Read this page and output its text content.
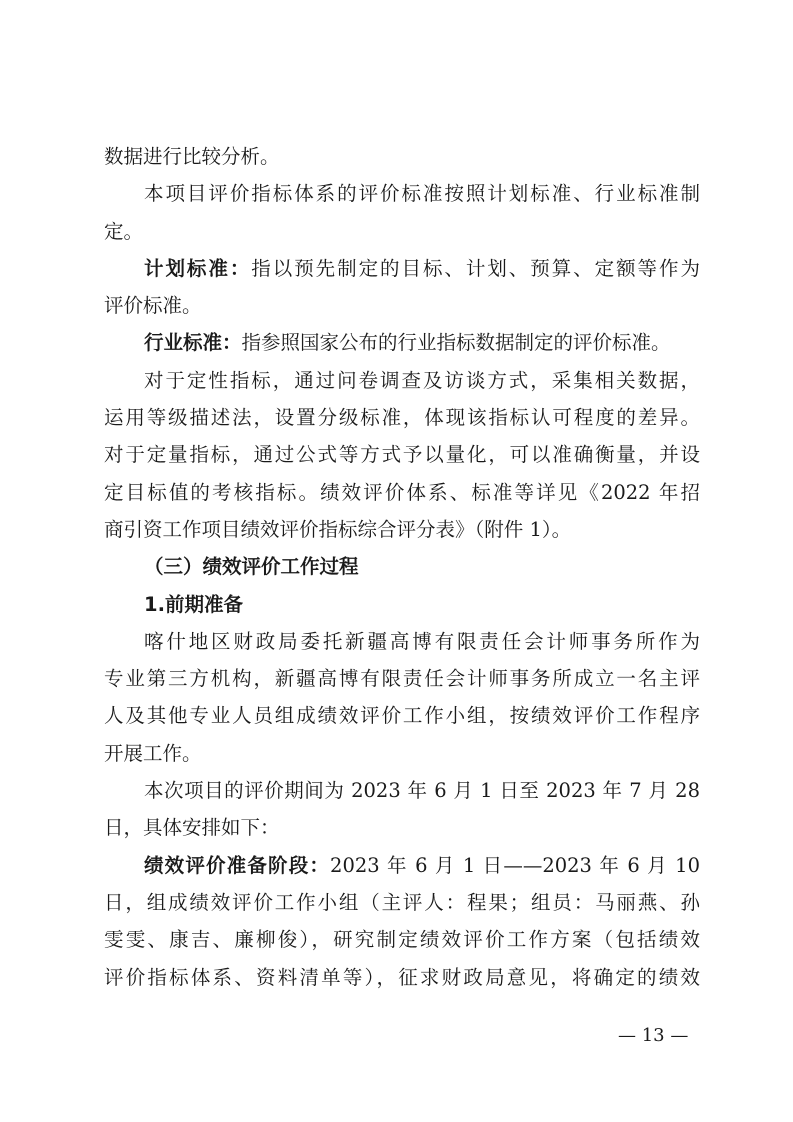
数据进行比较分析。
本项目评价指标体系的评价标准按照计划标准、行业标准制
定。
计划标准：指以预先制定的目标、计划、预算、定额等作为
评价标准。
行业标准：指参照国家公布的行业指标数据制定的评价标准。
对于定性指标，通过问卷调查及访谈方式，采集相关数据，
运用等级描述法，设置分级标准，体现该指标认可程度的差异。
对于定量指标，通过公式等方式予以量化，可以准确衡量，并设
定目标值的考核指标。绩效评价体系、标准等详见《2022 年招
商引资工作项目绩效评价指标综合评分表》（附件 1）。
（三）绩效评价工作过程
1.前期准备
喀什地区财政局委托新疆高博有限责任会计师事务所作为
专业第三方机构，新疆高博有限责任会计师事务所成立一名主评
人及其他专业人员组成绩效评价工作小组，按绩效评价工作程序
开展工作。
本次项目的评价期间为 2023 年 6 月 1 日至 2023 年 7 月 28
日，具体安排如下：
绩效评价准备阶段：2023 年 6 月 1 日——2023 年 6 月 10
日，组成绩效评价工作小组（主评人：程果；组员：马丽燕、孙
雯雯、康吉、廉柳俊），研究制定绩效评价工作方案（包括绩效
评价指标体系、资料清单等），征求财政局意见，将确定的绩效
— 13 —
